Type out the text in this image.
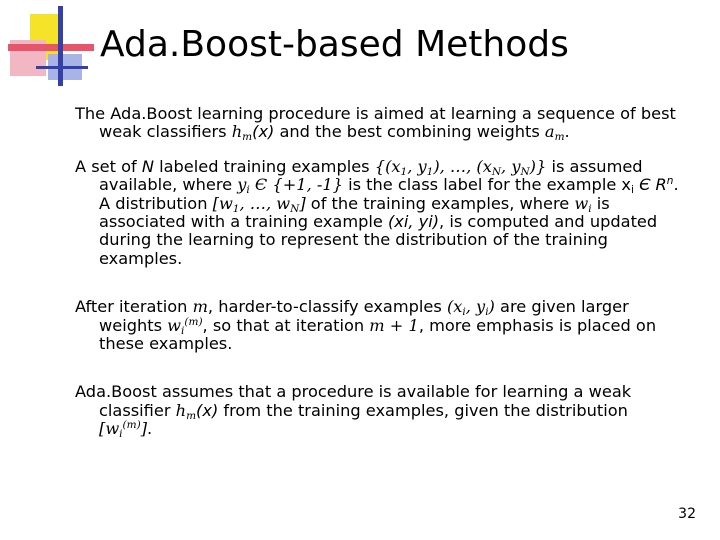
Ada.Boost-based Methods

The Ada.Boost learning procedure is aimed at learning a sequence of best weak classifiers $h_m(x)$ and the best combining weights $a_m$.

A set of N labeled training examples {($x_1$, $y_1$), …, ($x_N$, $y_N$)} is assumed available, where $y_i$ Є {+1, -1} is the class label for the example $x_i$ Є $R^n$. A distribution [$w_1$, …, $w_N$] of the training examples, where $w_i$ is associated with a training example (xi, yi), is computed and updated during the learning to represent the distribution of the training examples.

After iteration m, harder-to-classify examples ($x_i$, $y_i$) are given larger weights $w_i^{(m)}$, so that at iteration m + 1, more emphasis is placed on these examples.

Ada.Boost assumes that a procedure is available for learning a weak classifier $h_m(x)$ from the training examples, given the distribution $[w_i^{(m)}]$.

32
